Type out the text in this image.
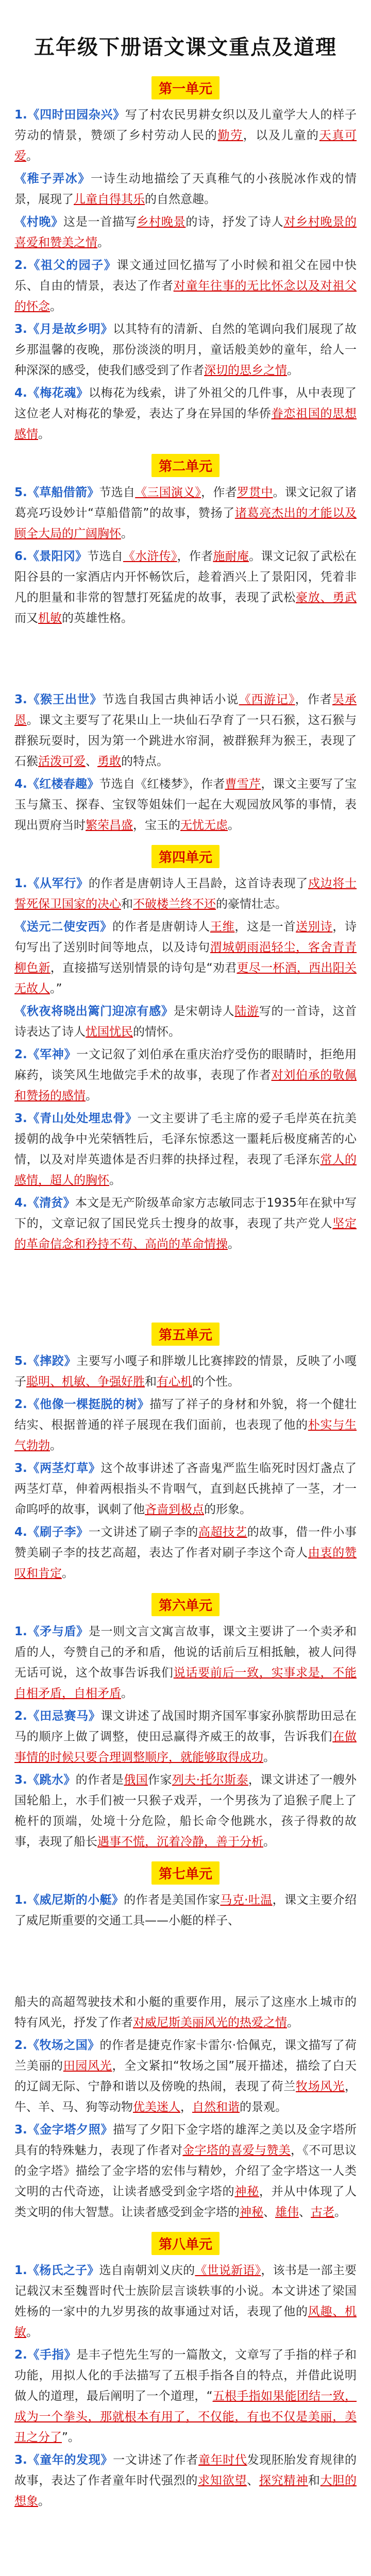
五年级下册语文课文重点及道理
第一单元
1.《四时田园杂兴》写了村农民男耕女织以及儿童学大人的样子劳动的情景，赞颂了乡村劳动人民的勤劳，以及儿童的天真可爱。
《稚子弄冰》一诗生动地描绘了天真稚气的小孩脱冰作戏的情景，展现了儿童自得其乐的自然意趣。
《村晚》这是一首描写乡村晚景的诗，抒发了诗人对乡村晚景的喜爱和赞美之情。
2.《祖父的园子》课文通过回忆描写了小时候和祖父在园中快乐、自由的情景，表达了作者对童年往事的无比怀念以及对祖父的怀念。
3.《月是故乡明》以其特有的清新、自然的笔调向我们展现了故乡那温馨的夜晚，那份淡淡的明月，童话般美妙的童年，给人一种深深的感受，使我们感受到了作者深切的思乡之情。
4.《梅花魂》以梅花为线索，讲了外祖父的几件事，从中表现了这位老人对梅花的挚爱，表达了身在异国的华侨眷恋祖国的思想感情。
第二单元
5.《草船借箭》节选自《三国演义》，作者罗贯中。课文记叙了诸葛亮巧设妙计“草船借箭”的故事，赞扬了诸葛亮杰出的才能以及顾全大局的广阔胸怀。
6.《景阳冈》节选自《水浒传》，作者施耐庵。课文记叙了武松在阳谷县的一家酒店内开怀畅饮后，趁着酒兴上了景阳冈，凭着非凡的胆量和非常的智慧打死猛虎的故事，表现了武松豪放、勇武而又机敏的英雄性格。
3.《猴王出世》节选自我国古典神话小说《西游记》，作者吴承恩。课文主要写了花果山上一块仙石孕育了一只石猴，这石猴与群猴玩耍时，因为第一个跳进水帘洞，被群猴拜为猴王，表现了石猴活泼可爱、勇敢的特点。
4.《红楼春趣》节选自《红楼梦》，作者曹雪芹，课文主要写了宝玉与黛玉、探春、宝钗等姐妹们一起在大观园放风筝的事情，表现出贾府当时繁荣昌盛，宝玉的无忧无虑。
第四单元
1.《从军行》的作者是唐朝诗人王昌龄，这首诗表现了戍边将士誓死保卫国家的决心和不破楼兰终不还的豪情壮志。
《送元二使安西》的作者是唐朝诗人王维，这是一首送别诗，诗句写出了送别时间等地点，以及诗句渭城朝雨浥轻尘，客舍青青柳色新，直接描写送别情景的诗句是“劝君更尽一杯酒，西出阳关无故人。”
《秋夜将晓出篱门迎凉有感》是宋朝诗人陆游写的一首诗，这首诗表达了诗人忧国忧民的情怀。
2.《军神》一文记叙了刘伯承在重庆治疗受伤的眼睛时，拒绝用麻药，谈笑风生地做完手术的故事，表现了作者对刘伯承的敬佩和赞扬的感情。
3.《青山处处埋忠骨》一文主要讲了毛主席的爱子毛岸英在抗美援朝的战争中光荣牺牲后，毛泽东惊悉这一噩耗后极度痛苦的心情，以及对岸英遗体是否归葬的抉择过程，表现了毛泽东常人的感情，超人的胸怀。
4.《清贫》本文是无产阶级革命家方志敏同志于1935年在狱中写下的，文章记叙了国民党兵士搜身的故事，表现了共产党人坚定的革命信念和矜持不苟、高尚的革命情操。
第五单元
5.《摔跤》主要写小嘎子和胖墩儿比赛摔跤的情景，反映了小嘎子聪明、机敏、争强好胜和有心机的个性。
2.《他像一棵挺脱的树》描写了祥子的身材和外貌，将一个健壮结实、根据普通的祥子展现在我们面前，也表现了他的朴实与生气勃勃。
3.《两茎灯草》这个故事讲述了吝啬鬼严监生临死时因灯盏点了两茎灯草，伸着两根指头不肯咽气，直到赵氏挑掉了一茎，才一命呜呼的故事，讽刺了他吝啬到极点的形象。
4.《刷子李》一文讲述了刷子李的高超技艺的故事，借一件小事赞美刷子李的技艺高超，表达了作者对刷子李这个奇人由衷的赞叹和肯定。
第六单元
1.《矛与盾》是一则文言文寓言故事，课文主要讲了一个卖矛和盾的人，夸赞自己的矛和盾，他说的话前后互相抵触，被人问得无话可说，这个故事告诉我们说话要前后一致，实事求是，不能自相矛盾，自相矛盾。
2.《田忌赛马》课文讲述了战国时期齐国军事家孙膑帮助田忌在马的顺序上做了调整，使田忌赢得齐威王的故事，告诉我们在做事情的时候只要合理调整顺序，就能够取得成功。
3.《跳水》的作者是俄国作家列夫·托尔斯泰，课文讲述了一艘外国轮船上，水手们被一只猴子戏弄，一个男孩为了追猴子爬上了桅杆的顶端，处境十分危险，船长命令他跳水，孩子得救的故事，表现了船长遇事不慌，沉着冷静，善于分析。
第七单元
1.《威尼斯的小艇》的作者是美国作家马克·吐温，课文主要介绍了威尼斯重要的交通工具——小艇的样子、
船夫的高超驾驶技术和小艇的重要作用，展示了这座水上城市的特有风光，抒发了作者对威尼斯美丽风光的热爱之情。
2.《牧场之国》的作者是捷克作家卡雷尔·恰佩克，课文描写了荷兰美丽的田园风光，全文紧扣“牧场之国”展开描述，描绘了白天的辽阔无际、宁静和谐以及傍晚的热闹，表现了荷兰牧场风光，牛、羊、马、狗等动物优美迷人，自然和谐的景观。
3.《金字塔夕照》描写了夕阳下金字塔的雄浑之美以及金字塔所具有的特殊魅力，表现了作者对金字塔的喜爱与赞美，《不可思议的金字塔》描绘了金字塔的宏伟与精妙，介绍了金字塔这一人类文明的古代奇迹，让读者感受到金字塔的神秘，并从中体现了人类文明的伟大智慧。让读者感受到金字塔的神秘、雄伟、古老。
第八单元
1.《杨氏之子》选自南朝刘义庆的《世说新语》，该书是一部主要记载汉末至魏晋时代士族阶层言谈轶事的小说。本文讲述了梁国姓杨的一家中的九岁男孩的故事通过对话，表现了他的风趣、机敏。
2.《手指》是丰子恺先生写的一篇散文，文章写了手指的样子和功能，用拟人化的手法描写了五根手指各自的特点，并借此说明做人的道理，最后阐明了一个道理，“五根手指如果能团结一致，成为一个拳头，那就根本有用了，不仅能，有也不仅是美丽，美丑之分了”。
3.《童年的发现》一文讲述了作者童年时代发现胚胎发育规律的故事，表达了作者童年时代强烈的求知欲望、探究精神和大胆的想象。
